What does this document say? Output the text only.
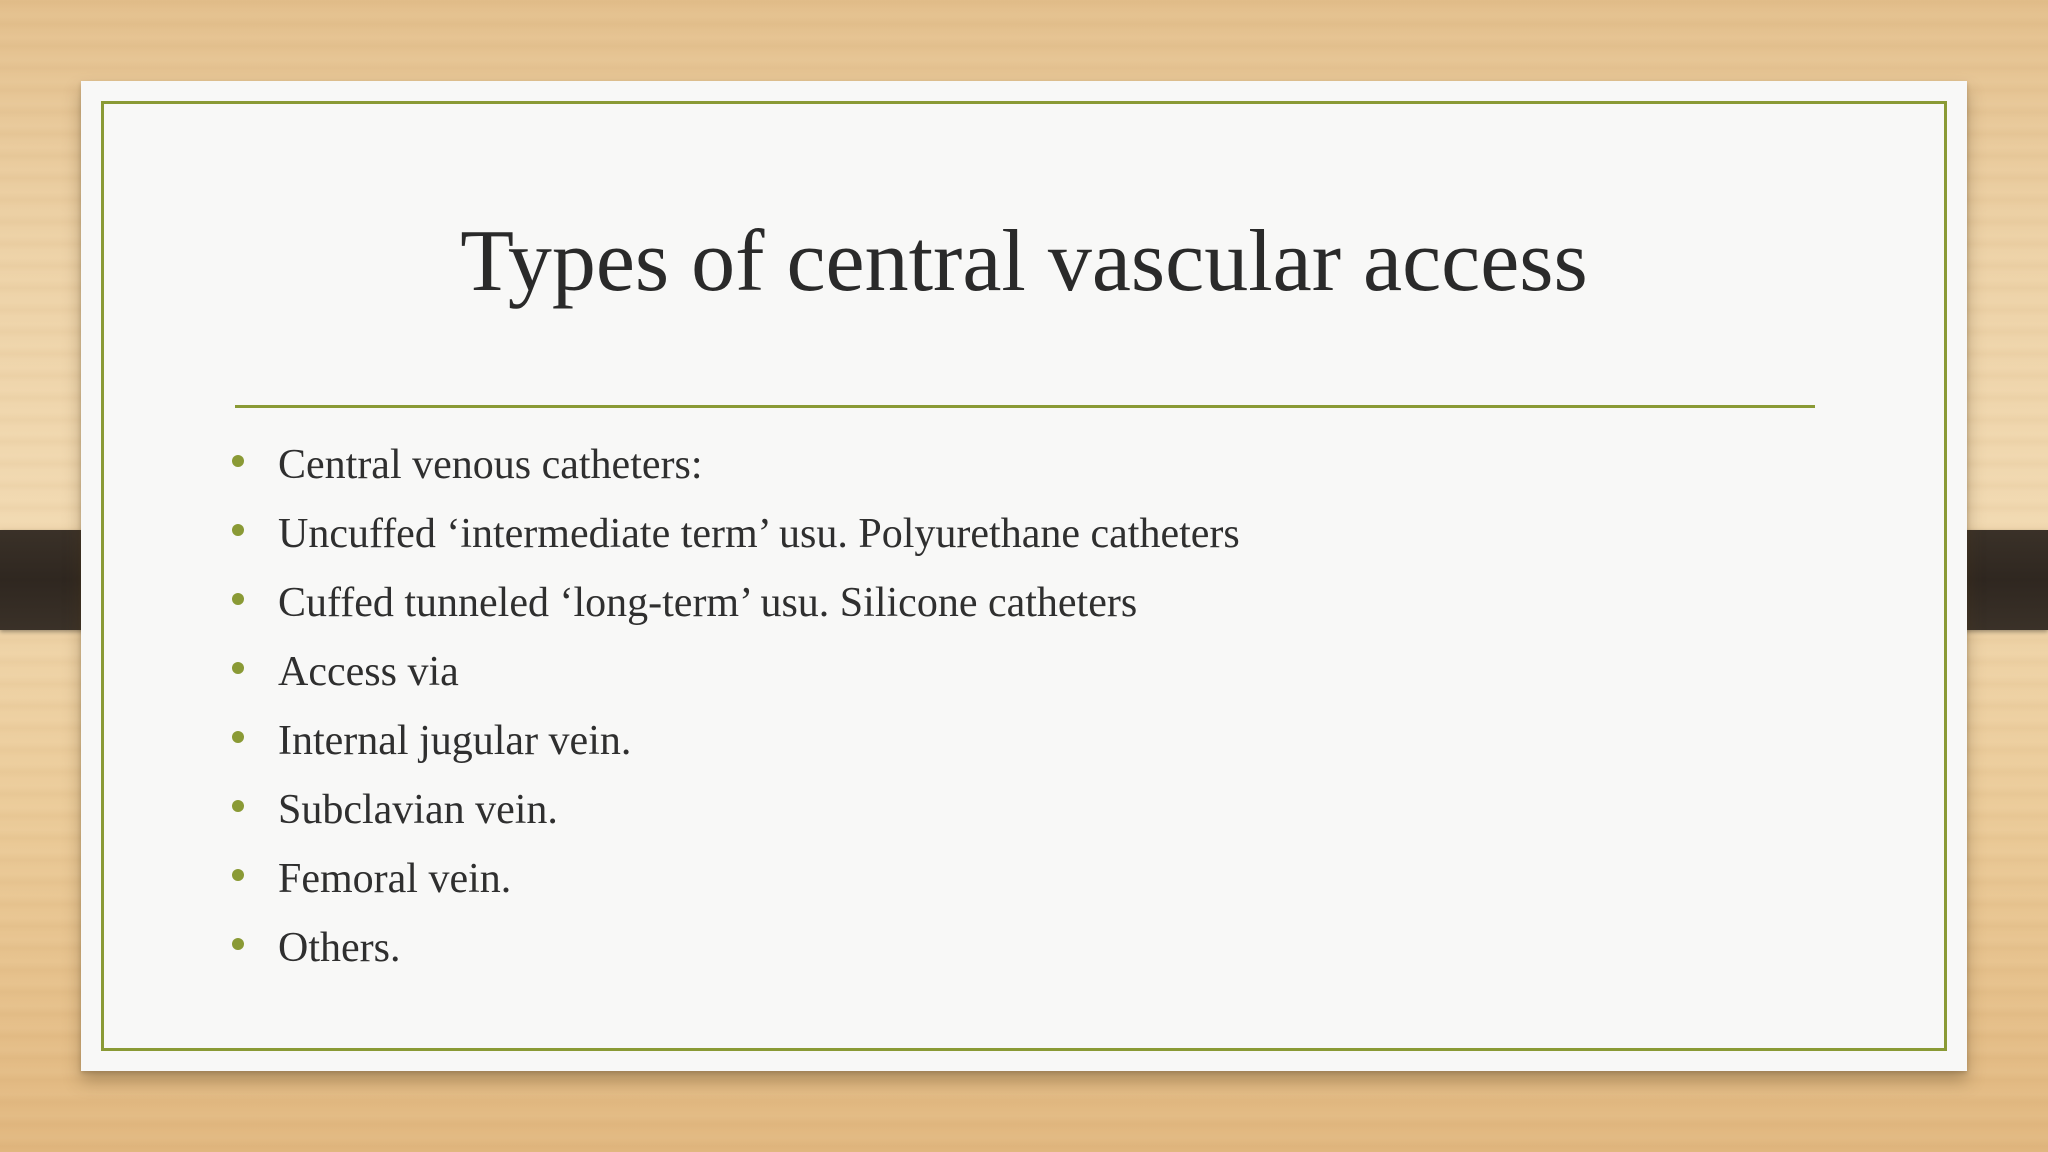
Types of central vascular access
Central venous catheters:
Uncuffed ‘intermediate term’ usu. Polyurethane catheters
Cuffed tunneled ‘long-term’ usu. Silicone catheters
Access via
Internal jugular vein.
Subclavian vein.
Femoral vein.
Others.
